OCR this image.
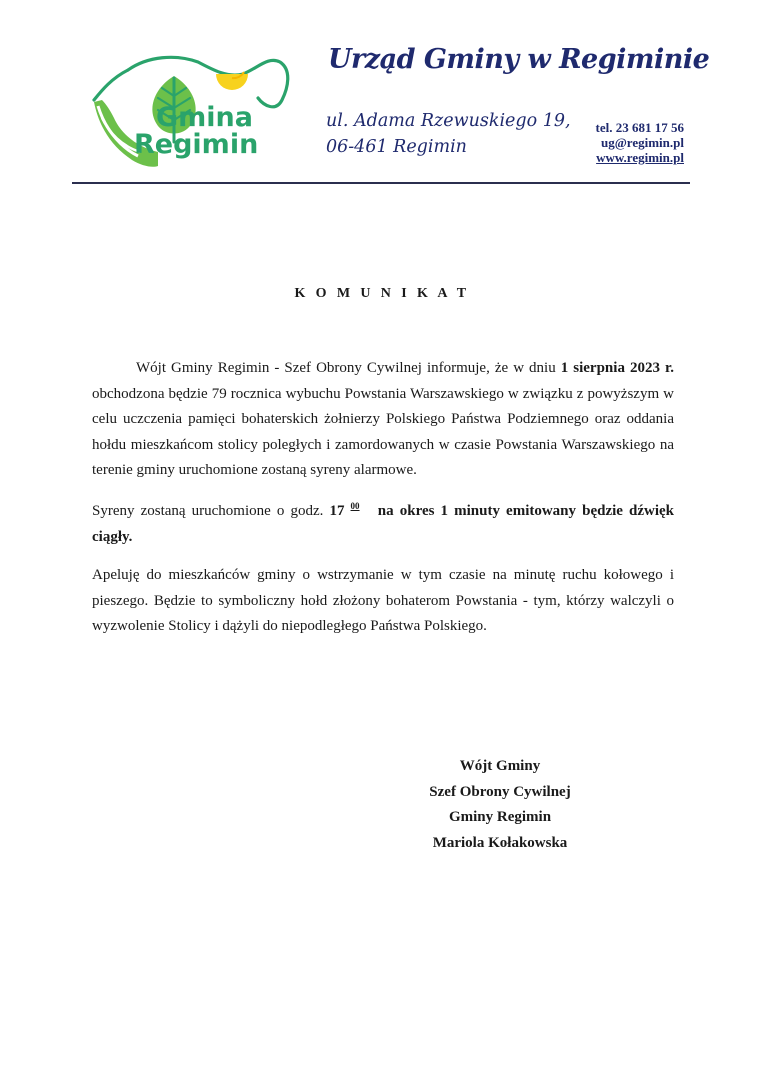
Gmina
Regimin
Urząd Gminy w Regiminie
ul. Adama Rzewuskiego 19,
06-461 Regimin
tel. 23 681 17 56
ug@regimin.pl
www.regimin.pl
K O M U N I K A T
Wójt Gminy Regimin - Szef Obrony Cywilnej informuje, że w dniu 1 sierpnia 2023 r. obchodzona będzie 79 rocznica wybuchu Powstania Warszawskiego w związku z powyższym w celu uczczenia pamięci bohaterskich żołnierzy Polskiego Państwa Podziemnego oraz oddania hołdu mieszkańcom stolicy poległych i zamordowanych w czasie Powstania Warszawskiego na terenie gminy uruchomione zostaną syreny alarmowe.
Syreny zostaną uruchomione o godz. 17 $^{00}$ na okres 1 minuty emitowany będzie dźwięk ciągły.
Apeluję do mieszkańców gminy o wstrzymanie w tym czasie na minutę ruchu kołowego i pieszego. Będzie to symboliczny hołd złożony bohaterom Powstania - tym, którzy walczyli o wyzwolenie Stolicy i dążyli do niepodległego Państwa Polskiego.
Wójt Gminy
Szef Obrony Cywilnej
Gminy Regimin
Mariola Kołakowska
